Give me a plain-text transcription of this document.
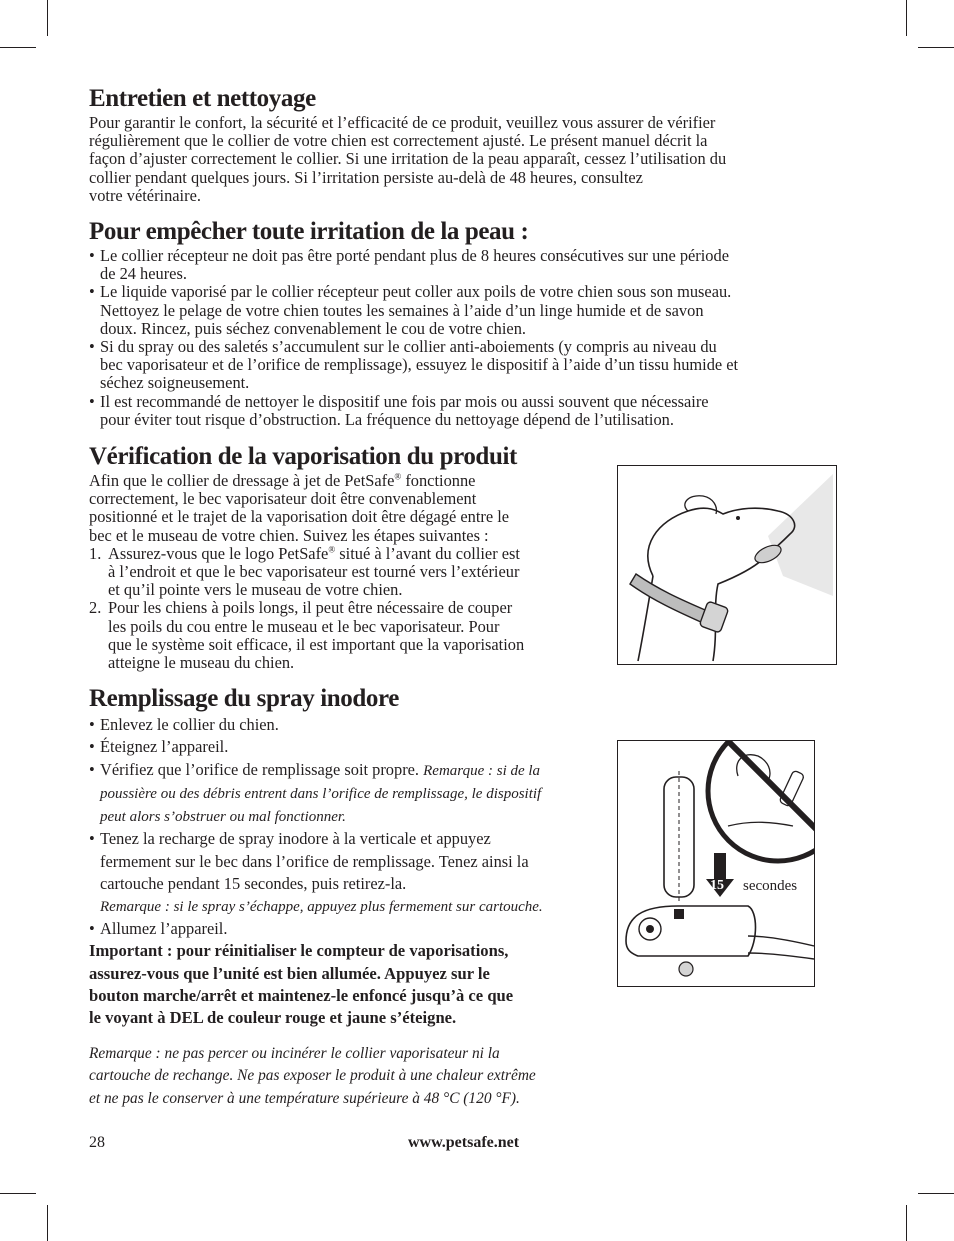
Entretien et nettoyage

Pour garantir le confort, la sécurité et l’efficacité de ce produit, veuillez vous assurer de vérifier
régulièrement que le collier de votre chien est correctement ajusté. Le présent manuel décrit la
façon d’ajuster correctement le collier. Si une irritation de la peau apparaît, cessez l’utilisation du
collier pendant quelques jours. Si l’irritation persiste au-delà de 48 heures, consultez
votre vétérinaire.

Pour empêcher toute irritation de la peau :
• Le collier récepteur ne doit pas être porté pendant plus de 8 heures consécutives sur une période
de 24 heures.
• Le liquide vaporisé par le collier récepteur peut coller aux poils de votre chien sous son museau.
Nettoyez le pelage de votre chien toutes les semaines à l’aide d’un linge humide et de savon
doux. Rincez, puis séchez convenablement le cou de votre chien.
• Si du spray ou des saletés s’accumulent sur le collier anti-aboiements (y compris au niveau du
bec vaporisateur et de l’orifice de remplissage), essuyez le dispositif à l’aide d’un tissu humide et
séchez soigneusement.
• Il est recommandé de nettoyer le dispositif une fois par mois ou aussi souvent que nécessaire
pour éviter tout risque d’obstruction. La fréquence du nettoyage dépend de l’utilisation.
Vérification de la vaporisation du produit

Afin que le collier de dressage à jet de PetSafe® fonctionne
correctement, le bec vaporisateur doit être convenablement
positionné et le trajet de la vaporisation doit être dégagé entre le
bec et le museau de votre chien. Suivez les étapes suivantes :

1. Assurez-vous que le logo PetSafe® situé à l’avant du collier est
à l’endroit et que le bec vaporisateur est tourné vers l’extérieur
et qu’il pointe vers le museau de votre chien.
2. Pour les chiens à poils longs, il peut être nécessaire de couper
les poils du cou entre le museau et le bec vaporisateur. Pour
que le système soit efficace, il est important que la vaporisation
atteigne le museau du chien.
Remplissage du spray inodore
• Enlevez le collier du chien.
• Éteignez l’appareil.
• Vérifiez que l’orifice de remplissage soit propre. Remarque : si de la
poussière ou des débris entrent dans l’orifice de remplissage, le dispositif
peut alors s’obstruer ou mal fonctionner.
• Tenez la recharge de spray inodore à la verticale et appuyez
fermement sur le bec dans l’orifice de remplissage. Tenez ainsi la
cartouche pendant 15 secondes, puis retirez-la.
Remarque : si le spray s’échappe, appuyez plus fermement sur cartouche.
• Allumez l’appareil.

Important : pour réinitialiser le compteur de vaporisations,
assurez-vous que l’unité est bien allumée. Appuyez sur le
bouton marche/arrêt et maintenez-le enfoncé jusqu’à ce que
le voyant à DEL de couleur rouge et jaune s’éteigne.

Remarque : ne pas percer ou incinérer le collier vaporisateur ni la
cartouche de rechange. Ne pas exposer le produit à une chaleur extrême
et ne pas le conserver à une température supérieure à 48 °C (120 °F).

15 secondes
28	www.petsafe.net
